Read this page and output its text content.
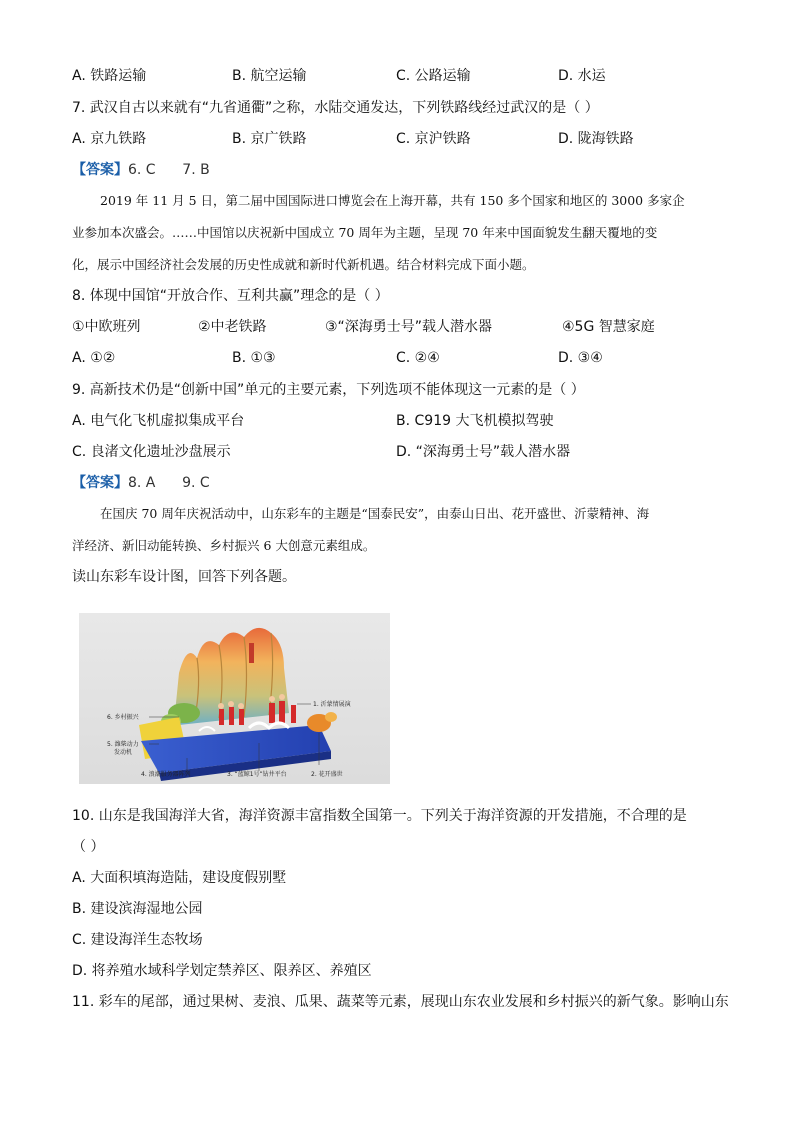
A. 铁路运输	B. 航空运输	C. 公路运输	D. 水运
7. 武汉自古以来就有“九省通衢”之称，水陆交通发达，下列铁路线经过武汉的是（ ）
A. 京九铁路	B. 京广铁路	C. 京沪铁路	D. 陇海铁路
【答案】6. C      7. B
2019 年 11 月 5 日，第二届中国国际进口博览会在上海开幕，共有 150 多个国家和地区的 3000 多家企
业参加本次盛会。……中国馆以庆祝新中国成立 70 周年为主题，呈现 70 年来中国面貌发生翻天覆地的变
化，展示中国经济社会发展的历史性成就和新时代新机遇。结合材料完成下面小题。
8. 体现中国馆“开放合作、互利共赢”理念的是（ ）
①中欧班列	②中老铁路	③“深海勇士号”载人潜水器	④5G 智慧家庭
A. ①②	B. ①③	C. ②④	D. ③④
9. 高新技术仍是“创新中国”单元的主要元素，下列选项不能体现这一元素的是（ ）
A. 电气化飞机虚拟集成平台	B. C919 大飞机模拟驾驶
C. 良渚文化遗址沙盘展示	D. “深海勇士号”载人潜水器
【答案】8. A      9. C
在国庆 70 周年庆祝活动中，山东彩车的主题是“国泰民安”，由泰山日出、花开盛世、沂蒙精神、海
洋经济、新旧动能转换、乡村振兴 6 大创意元素组成。
读山东彩车设计图，回答下列各题。
6. 乡村振兴
5. 潍柴动力
发动机
4. 浪潮服务器阵列	3. “蓝鲸1号”钻井平台	2. 花开盛世
1. 沂蒙情展演
10. 山东是我国海洋大省，海洋资源丰富指数全国第一。下列关于海洋资源的开发措施，不合理的是
（ ）
A. 大面积填海造陆，建设度假别墅
B. 建设滨海湿地公园
C. 建设海洋生态牧场
D. 将养殖水域科学划定禁养区、限养区、养殖区
11. 彩车的尾部，通过果树、麦浪、瓜果、蔬菜等元素，展现山东农业发展和乡村振兴的新气象。影响山东
